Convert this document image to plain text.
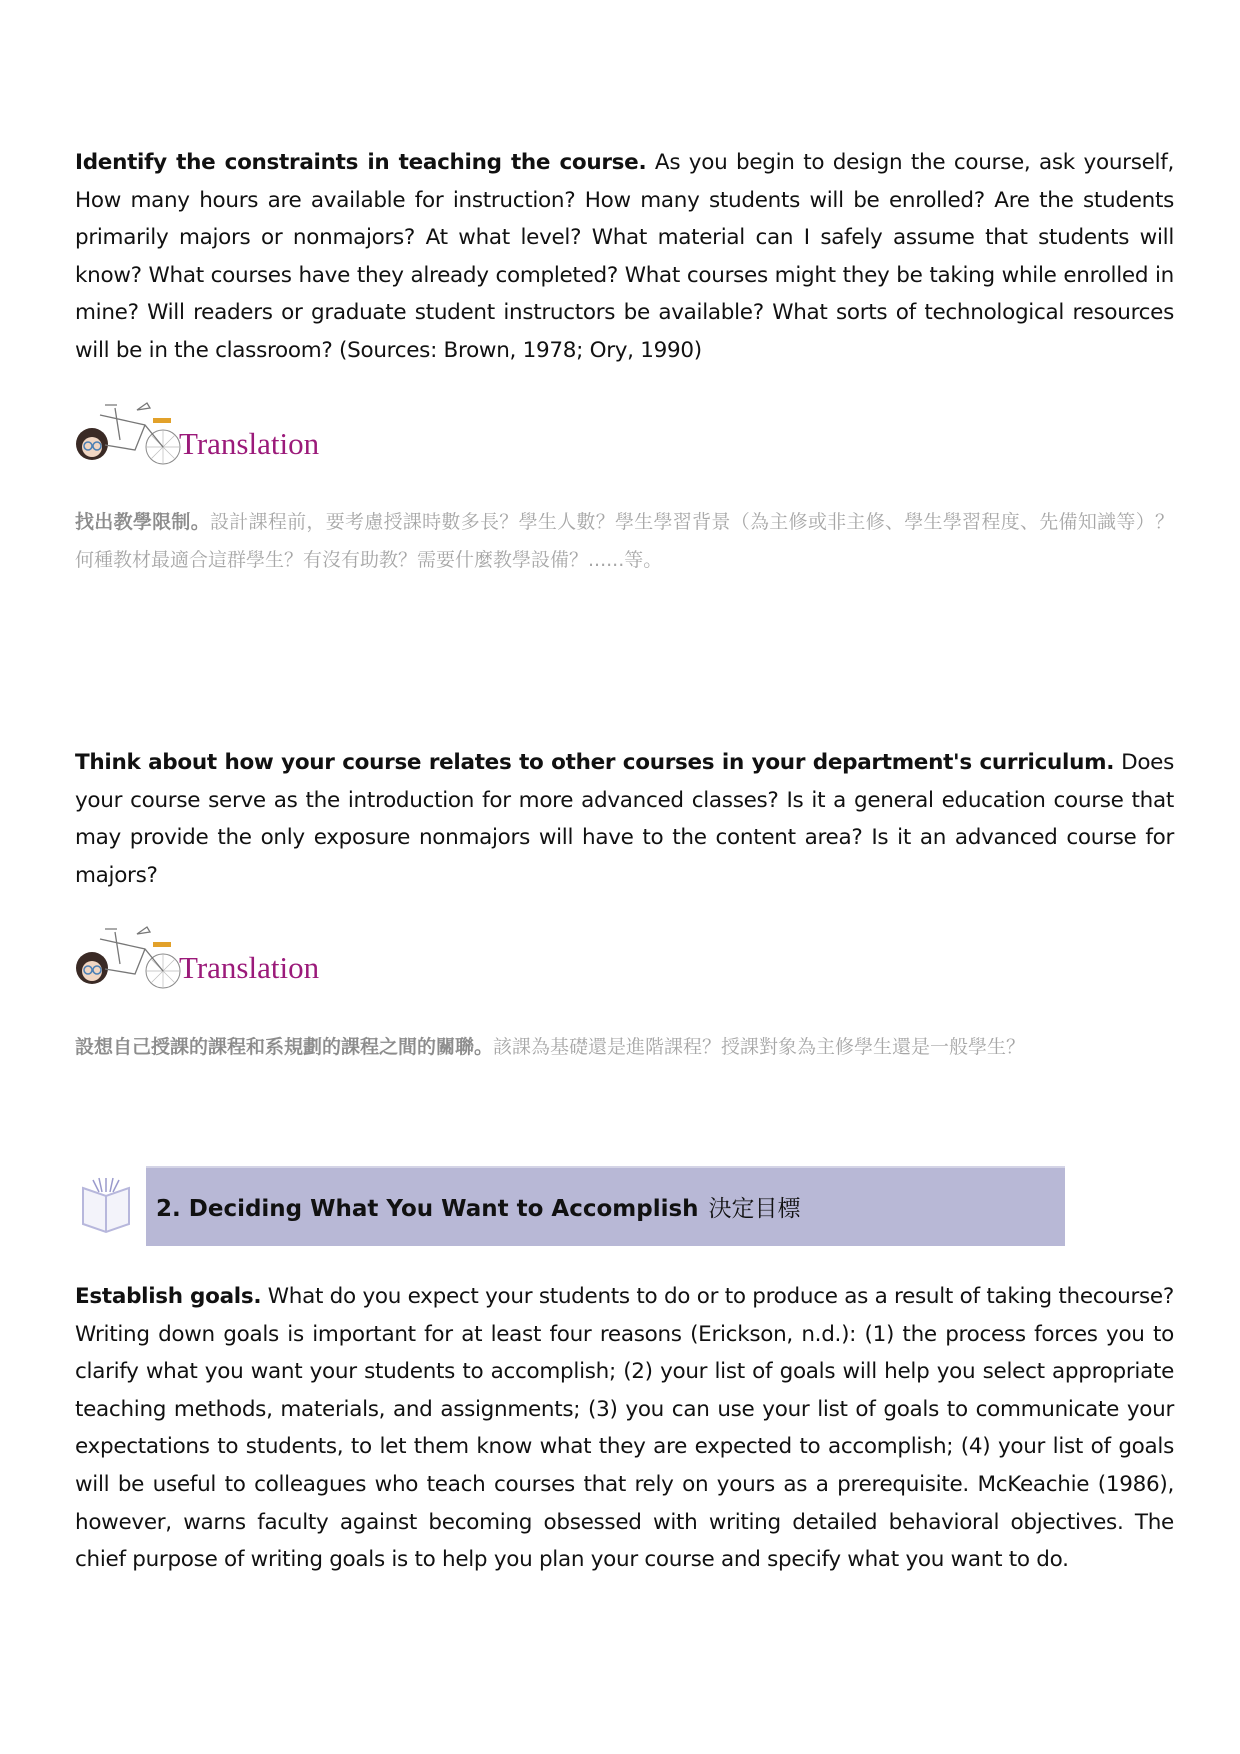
Identify the constraints in teaching the course. As you begin to design the course, ask yourself, How many hours are available for instruction? How many students will be enrolled? Are the students primarily majors or nonmajors? At what level? What material can I safely assume that students will know? What courses have they already completed? What courses might they be taking while enrolled in mine? Will readers or graduate student instructors be available? What sorts of technological resources will be in the classroom? (Sources: Brown, 1978; Ory, 1990)
Translation
找出教學限制。設計課程前，要考慮授課時數多長？學生人數？學生學習背景（為主修或非主修、學生學習程度、先備知識等）？何種教材最適合這群學生？有沒有助教？需要什麼教學設備？......等。
Think about how your course relates to other courses in your department's curriculum. Does your course serve as the introduction for more advanced classes? Is it a general education course that may provide the only exposure nonmajors will have to the content area? Is it an advanced course for majors?
Translation
設想自己授課的課程和系規劃的課程之間的關聯。該課為基礎還是進階課程？授課對象為主修學生還是一般學生？
2. Deciding What You Want to Accomplish 決定目標
Establish goals. What do you expect your students to do or to produce as a result of taking thecourse? Writing down goals is important for at least four reasons (Erickson, n.d.): (1) the process forces you to clarify what you want your students to accomplish; (2) your list of goals will help you select appropriate teaching methods, materials, and assignments; (3) you can use your list of goals to communicate your expectations to students, to let them know what they are expected to accomplish; (4) your list of goals will be useful to colleagues who teach courses that rely on yours as a prerequisite. McKeachie (1986), however, warns faculty against becoming obsessed with writing detailed behavioral objectives. The chief purpose of writing goals is to help you plan your course and specify what you want to do.
